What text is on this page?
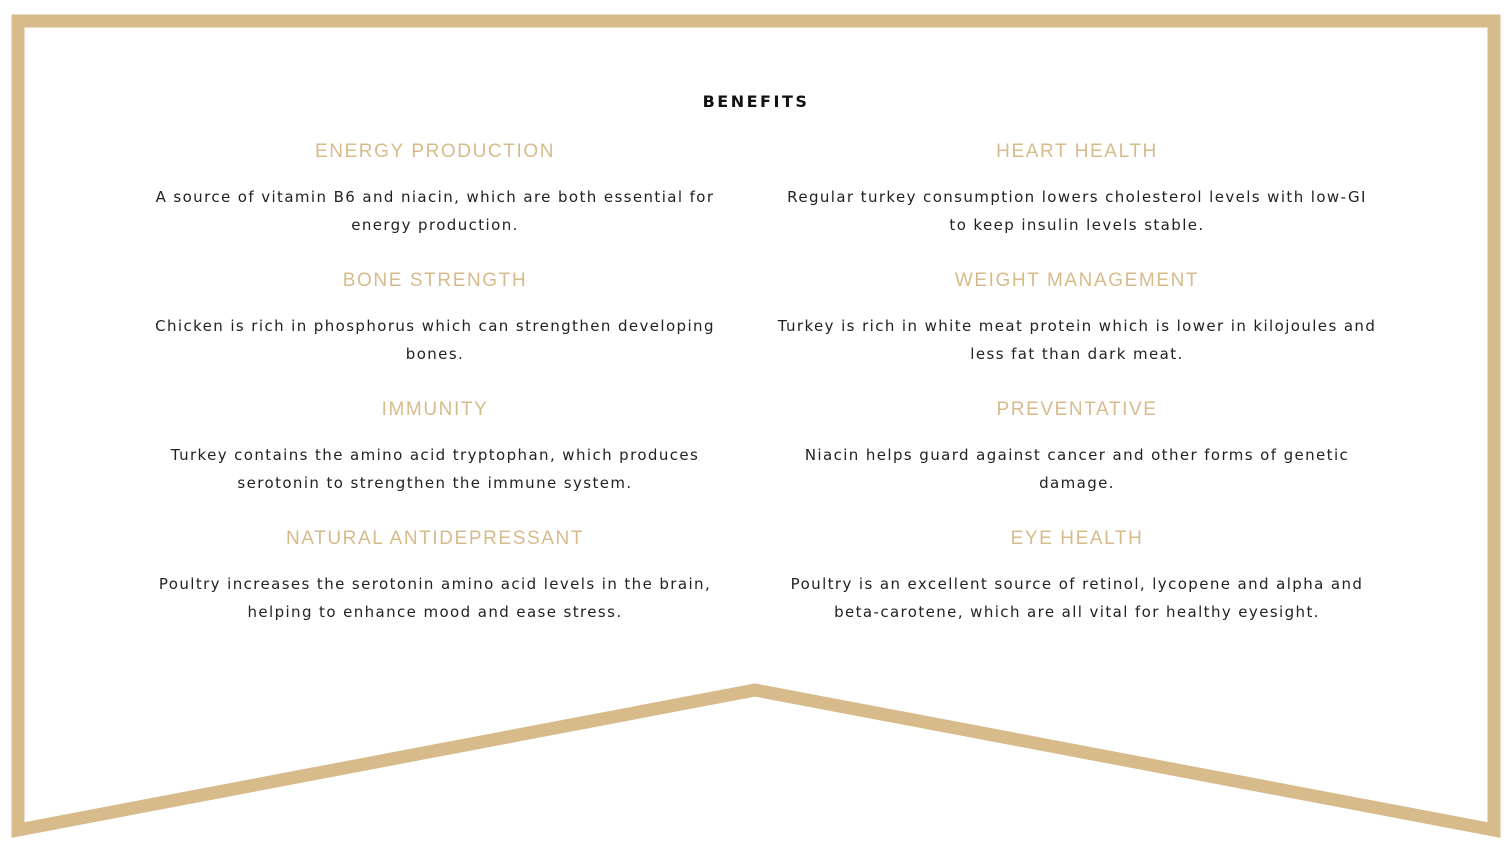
BENEFITS
ENERGY PRODUCTION

A source of vitamin B6 and niacin, which are both essential for energy production.

BONE STRENGTH

Chicken is rich in phosphorus which can strengthen developing bones.

IMMUNITY

Turkey contains the amino acid tryptophan, which produces serotonin to strengthen the immune system.

NATURAL ANTIDEPRESSANT

Poultry increases the serotonin amino acid levels in the brain, helping to enhance mood and ease stress.

HEART HEALTH

Regular turkey consumption lowers cholesterol levels with low-GI to keep insulin levels stable.

WEIGHT MANAGEMENT

Turkey is rich in white meat protein which is lower in kilojoules and less fat than dark meat.

PREVENTATIVE

Niacin helps guard against cancer and other forms of genetic damage.

EYE HEALTH

Poultry is an excellent source of retinol, lycopene and alpha and beta-carotene, which are all vital for healthy eyesight.
